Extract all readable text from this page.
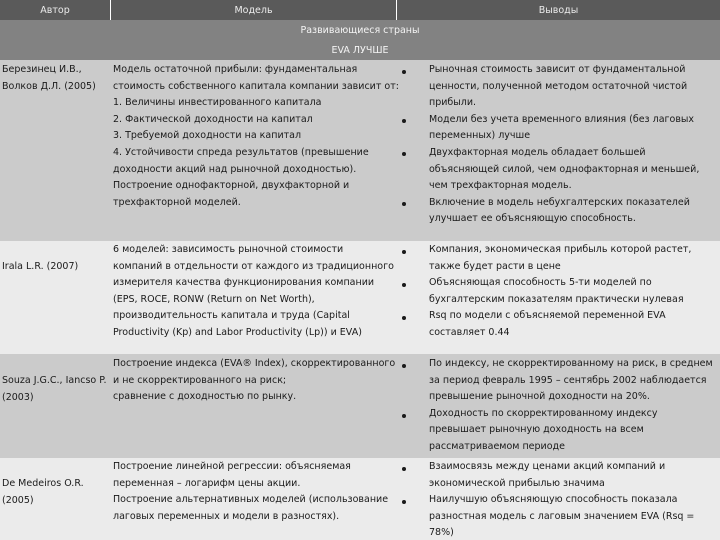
Автор	Модель	Выводы
Развивающиеся страны
EVA ЛУЧШЕ
Березинец И.В.,
Волков Д.Л. (2005)
Модель остаточной прибыли: фундаментальная
стоимость собственного капитала компании зависит от:
1. Величины инвестированного капитала
2. Фактической доходности на капитал
3. Требуемой доходности на капитал
4. Устойчивости спреда результатов (превышение
доходности акций над рыночной доходностью).
Построение однофакторной, двухфакторной и
трехфакторной моделей.
Рыночная стоимость зависит от фундаментальной
ценности, полученной методом остаточной чистой
прибыли.
Модели без учета временного влияния (без лаговых
переменных) лучше
Двухфакторная модель обладает большей
объясняющей силой, чем однофакторная и меньшей,
чем трехфакторная модель.
Включение в модель небухгалтерских показателей
улучшает ее объясняющую способность.
Irala L.R. (2007)
6 моделей: зависимость рыночной стоимости
компаний в отдельности от каждого из традиционного
измерителя качества функционирования компании
(EPS, ROCE, RONW (Return on Net Worth),
производительность капитала и труда (Capital
Productivity (Kp) and Labor Productivity (Lp)) и EVA)
Компания, экономическая прибыль которой растет,
также будет расти в цене
Объясняющая способность 5-ти моделей по
бухгалтерским показателям практически нулевая
Rsq по модели с объясняемой переменной EVA
составляет 0.44
Souza J.G.C., Iancso P.
(2003)
Построение индекса (EVA® Index), скорректированного
и не скорректированного на риск;
сравнение с доходностью по рынку.
По индексу, не скорректированному на риск, в среднем
за период февраль 1995 – сентябрь 2002 наблюдается
превышение рыночной доходности на 20%.
Доходность по скорректированному индексу
превышает рыночную доходность на всем
рассматриваемом периоде
De Medeiros O.R.
(2005)
Построение линейной регрессии: объясняемая
переменная – логарифм цены акции.
Построение альтернативных моделей (использование
лаговых переменных и модели в разностях).
Взаимосвязь между ценами акций компаний и
экономической прибылью значима
Наилучшую объясняющую способность показала
разностная модель с лаговым значением EVA (Rsq =
78%)
